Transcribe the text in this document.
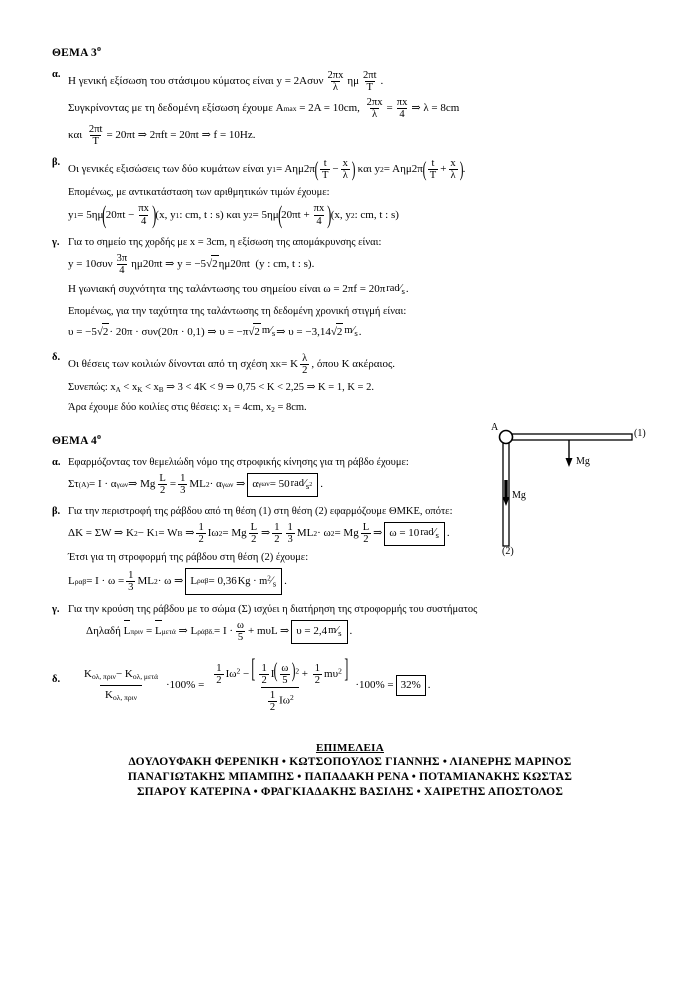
ΘΕΜΑ $3^o$
α.
Η γενική εξίσωση του στάσιμου κύματος είναι
$y = 2A\sigma\upsilon\nu \frac{2\pi x}{\lambda}$ ημ $\frac{2\pi t}{T}$ .
Συγκρίνοντας με τη δεδομένη εξίσωση έχουμε A max
= 2A = 10cm,
$\frac{2\pi x}{\lambda} = \frac{\pi x}{4}$ ⇒ λ = 8cm
και
$\frac{2\pi t}{T} = 20\pi t$ ⇒ 2πft = 20πt ⇒ f = 10Hz.
β.
Οι γενικές εξισώσεις των δύο κυμάτων είναι
y 1 = Aημ2π ( $\frac{t}{T} - \frac{x}{\lambda}$ )
και
y 2 = Aημ2π ( $\frac{t}{T} + \frac{x}{\lambda}$ ) .
Επομένως, με αντικατάσταση των αριθμητικών τιμών έχουμε:
y 1 = 5ημ ( $20\pi t - \frac{\pi x}{4}$ ) (x, y 1 : cm, t : s)
και
y 2 = 5ημ ( $20\pi t + \frac{\pi x}{4}$ ) (x, y 2 : cm, t : s)
γ. Για το σημείο της χορδής με x = 3cm, η εξίσωση της απομάκρυνσης είναι:
$y = 10\sigma\upsilon\nu \frac{3\pi}{4} \eta\mu 20\pi t$ ⇒ y = −5 √2 ημ20πt
(y : cm, t : s).
Η γωνιακή συχνότητα της ταλάντωσης του σημείου είναι
ω = 2πf = 20π $rad⁄_s$ .
Επομένως, για την ταχύτητα της ταλάντωσης τη δεδομένη χρονική στιγμή είναι:
υ = −5 √2 · 20π · συν(20π · 0,1) ⇒ υ = −π √2 $m⁄_s$ ⇒ υ = −3,14 √2 $m⁄_s$ .
δ.
Οι θέσεις των κοιλιών δίνονται από τη σχέση
x Κ = Κ $\frac{\lambda}{2}$ , όπου Κ ακέραιος.
Συνεπώς: $x_A < x_K < x_B$ ⇒ 3 < 4Κ < 9 ⇒ 0,75 < Κ < 2,25 ⇒ Κ = 1, Κ = 2.
Άρα έχουμε δύο κοιλίες στις θέσεις: $x_1 = 4cm$, $x_2 = 8cm$.
ΘΕΜΑ $4^o$
α. Εφαρμόζοντας τον θεμελιώδη νόμο της στροφικής κίνησης για τη ράβδο έχουμε:
Στ (Α) = Ι · α γων ⇒ Mg $\frac{L}{2} = \frac{1}{3}$ ML 2 · α γων
⇒ α γων = 50 $rad⁄_{s^2}$ .
β. Για την περιστροφή της ράβδου από τη θέση (1) στη θέση (2) εφαρμόζουμε ΘΜΚΕ, οπότε:
ΔΚ = ΣW ⇒ Κ 2 − Κ 1 = W B
⇒ $\frac{1}{2}$ Iω 2 = Mg $\frac{L}{2}$ ⇒ $\frac{1}{2} \frac{1}{3}$ ML 2 · ω 2 = Mg $\frac{L}{2}$ ⇒ ω = 10 $rad⁄_s$ .
Έτσι για τη στροφορμή της ράβδου στη θέση (2) έχουμε:
L $\rho\alpha\beta = I \cdot \omega = \frac{1}{3}$ ML 2 · ω ⇒ L ραβ = 0,36 $Kg \cdot m^2⁄_s$ .
γ. Για την κρούση της ράβδου με το σώμα (Σ) ισχύει η διατήρηση της στροφορμής του συστήματος
Δηλαδή
L πριν
=
L μετά
⇒ L ράβδ. = $I \cdot \frac{\omega}{5} + m\upsilon L$ ⇒ υ = 2,4 $m⁄_s$ .
δ.	$K_{o\lambda, \pi\rho\iota\nu}- K_{o\lambda, \mu\varepsilon\tau ά}$
$K_{o\lambda, \pi\rho\iota\nu}$
$\cdot 100\% = \frac{1}{2} I\omega^2$ − [ $\frac{1}{2} I( \frac{\omega}{5} )^2 + \frac{1}{2} m\upsilon^2$ ]
$\frac{1}{2} I\omega^2$
·100% = 32% .
A
(1)
(2)
Mg
Mg
ΕΠΙΜΕΛΕΙΑ
ΔΟΥΛΟΥΦΑΚΗ ΦΕΡΕΝΙΚΗ • ΚΩΤΣΟΠΟΥΛΟΣ ΓΙΑΝΝΗΣ • ΛΙΑΝΕΡΗΣ ΜΑΡΙΝΟΣ
ΠΑΝΑΓΙΩΤΑΚΗΣ ΜΠΑΜΠΗΣ • ΠΑΠΑΔΑΚΗ ΡΕΝΑ • ΠΟΤΑΜΙΑΝΑΚΗΣ ΚΩΣΤΑΣ
ΣΠΑΡΟΥ ΚΑΤΕΡΙΝΑ • ΦΡΑΓΚΙΑΔΑΚΗΣ ΒΑΣΙΛΗΣ • ΧΑΙΡΕΤΗΣ ΑΠΟΣΤΟΛΟΣ
